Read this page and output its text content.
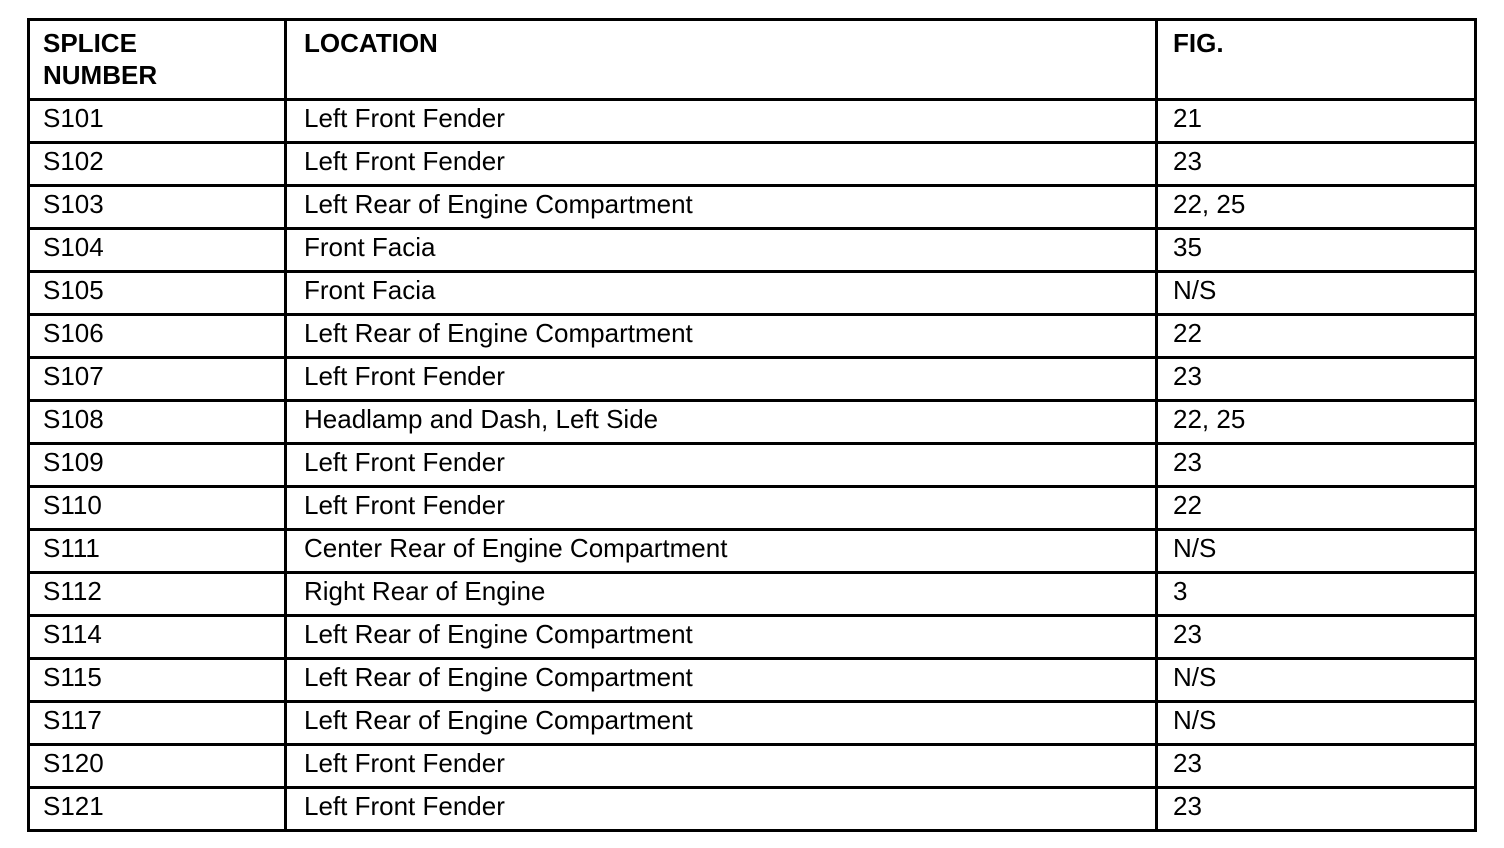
SPLICE
NUMBER	LOCATION	FIG.
S101	Left Front Fender	21
S102	Left Front Fender	23
S103	Left Rear of Engine Compartment	22, 25
S104	Front Facia	35
S105	Front Facia	N/S
S106	Left Rear of Engine Compartment	22
S107	Left Front Fender	23
S108	Headlamp and Dash, Left Side	22, 25
S109	Left Front Fender	23
S110	Left Front Fender	22
S111	Center Rear of Engine Compartment	N/S
S112	Right Rear of Engine	3
S114	Left Rear of Engine Compartment	23
S115	Left Rear of Engine Compartment	N/S
S117	Left Rear of Engine Compartment	N/S
S120	Left Front Fender	23
S121	Left Front Fender	23
